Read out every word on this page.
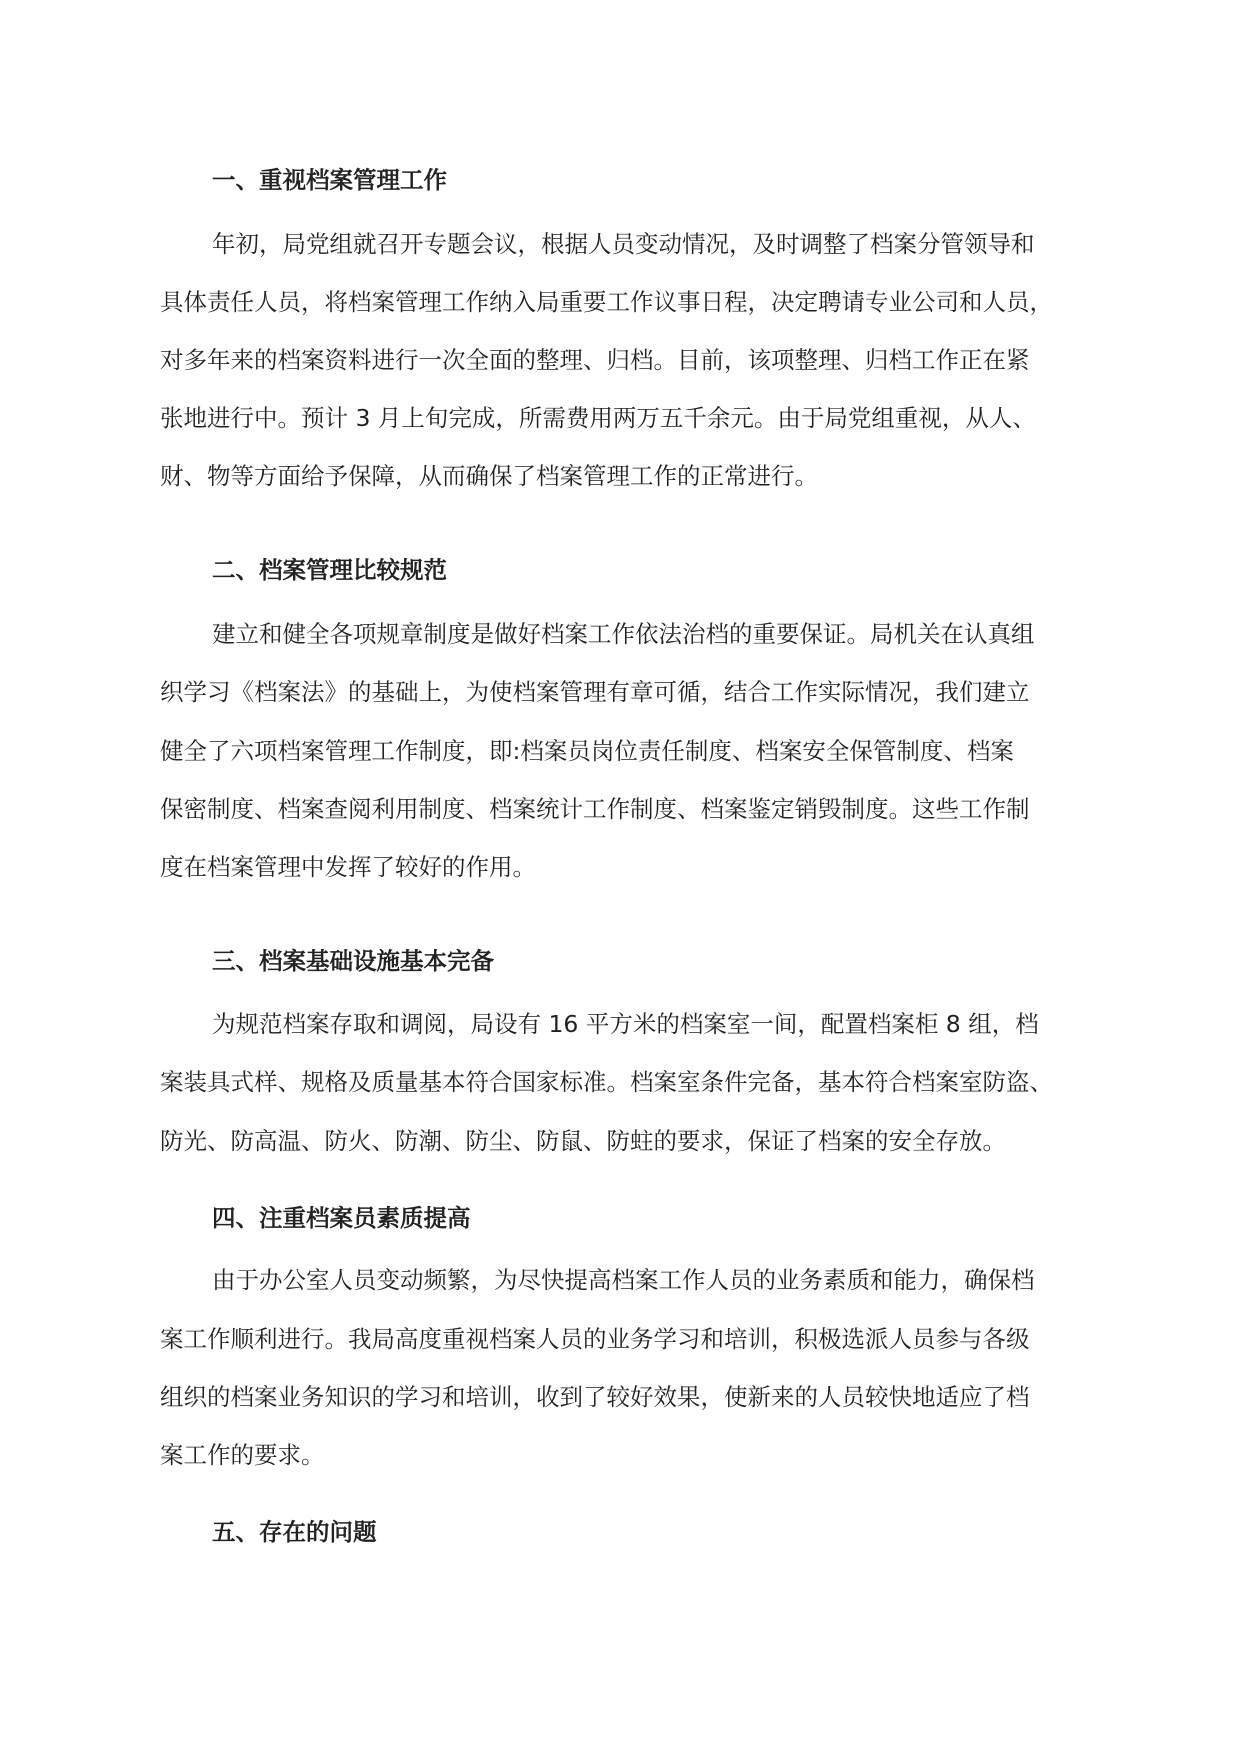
一、重视档案管理工作
年初，局党组就召开专题会议，根据人员变动情况，及时调整了档案分管领导和
具体责任人员，将档案管理工作纳入局重要工作议事日程，决定聘请专业公司和人员，
对多年来的档案资料进行一次全面的整理、归档。目前，该项整理、归档工作正在紧
张地进行中。预计 3 月上旬完成，所需费用两万五千余元。由于局党组重视，从人、
财、物等方面给予保障，从而确保了档案管理工作的正常进行。
二、档案管理比较规范
建立和健全各项规章制度是做好档案工作依法治档的重要保证。局机关在认真组
织学习《档案法》的基础上，为使档案管理有章可循，结合工作实际情况，我们建立
健全了六项档案管理工作制度，即:档案员岗位责任制度、档案安全保管制度、档案
保密制度、档案查阅利用制度、档案统计工作制度、档案鉴定销毁制度。这些工作制
度在档案管理中发挥了较好的作用。
三、档案基础设施基本完备
为规范档案存取和调阅，局设有 16 平方米的档案室一间，配置档案柜 8 组，档
案装具式样、规格及质量基本符合国家标准。档案室条件完备，基本符合档案室防盗、
防光、防高温、防火、防潮、防尘、防鼠、防蛀的要求，保证了档案的安全存放。
四、注重档案员素质提高
由于办公室人员变动频繁，为尽快提高档案工作人员的业务素质和能力，确保档
案工作顺利进行。我局高度重视档案人员的业务学习和培训，积极选派人员参与各级
组织的档案业务知识的学习和培训，收到了较好效果，使新来的人员较快地适应了档
案工作的要求。
五、存在的问题
